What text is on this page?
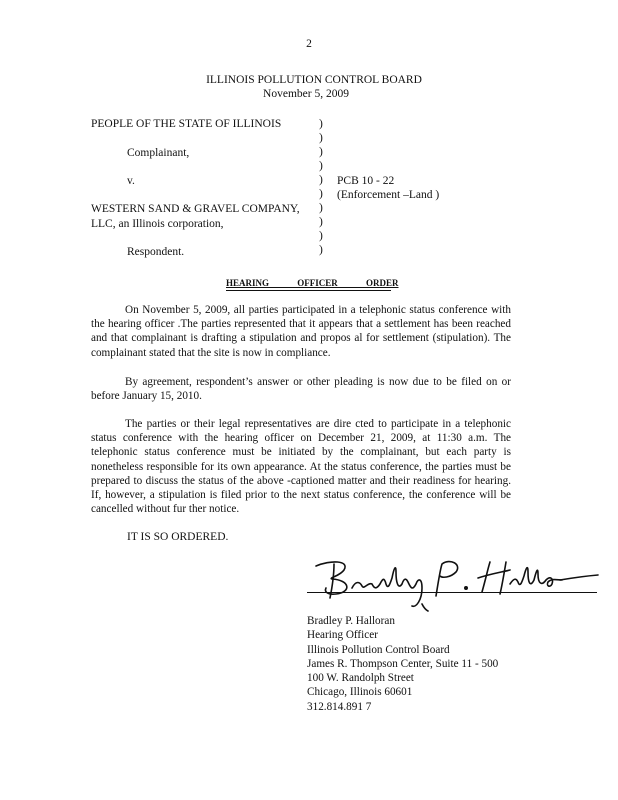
2
ILLINOIS POLLUTION CONTROL BOARD
November 5, 2009
PEOPLE OF THE STATE OF ILLINOIS
Complainant,
v.
WESTERN SAND & GRAVEL COMPANY,
LLC, an Illinois corporation,
Respondent.
)
)
)
)
)
)
)
)
)
)
PCB 10 - 22
(Enforcement –Land )
HEARING OFFICER ORDER

On November 5, 2009, all parties participated in a telephonic status conference with the hearing officer .The parties represented that it appears that a settlement has been reached and that complainant is drafting a stipulation and propos al for settlement (stipulation). The complainant stated that the site is now in compliance.

By agreement, respondent’s answer or other pleading is now due to be filed on or before January 15, 2010.

The parties or their legal representatives are dire cted to participate in a telephonic status conference with the hearing officer on December 21, 2009, at 11:30 a.m. The telephonic status conference must be initiated by the complainant, but each party is nonetheless responsible for its own appearance. At the status conference, the parties must be prepared to discuss the status of the above -captioned matter and their readiness for hearing. If, however, a stipulation is filed prior to the next status conference, the conference will be cancelled without fur ther notice.

IT IS SO ORDERED.
Bradley P. Halloran
Hearing Officer
Illinois Pollution Control Board
James R. Thompson Center, Suite 11 - 500
100 W. Randolph Street
Chicago, Illinois 60601
312.814.891 7
